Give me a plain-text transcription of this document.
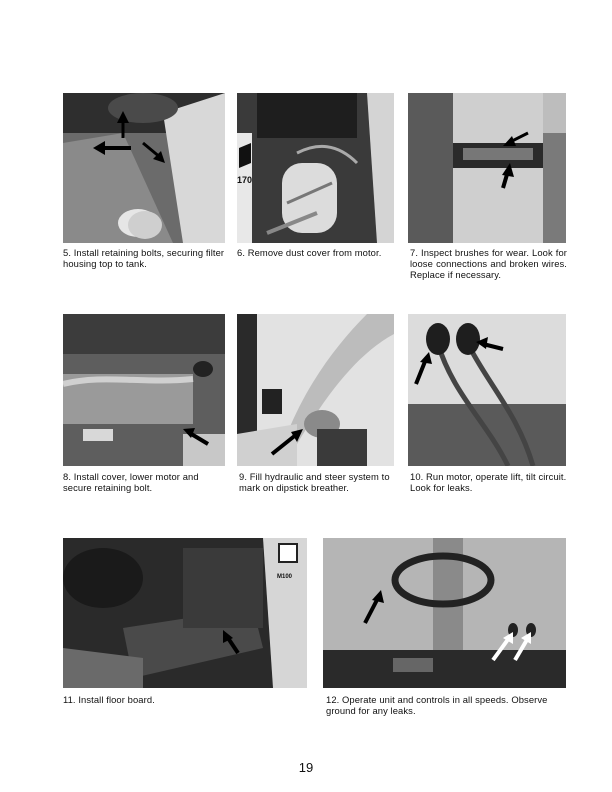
5. Install retaining bolts, securing filter housing top to tank.
170
6. Remove dust cover from motor.	7. Inspect brushes for wear. Look for loose connections and broken wires. Replace if necessary.
8. Install cover, lower motor and secure retaining bolt.
9. Fill hydraulic and steer system to mark on dipstick breather.
10. Run motor, operate lift, tilt circuit. Look for leaks.
M100
11. Install floor board.	12. Operate unit and controls in all speeds. Observe ground for any leaks.
19
